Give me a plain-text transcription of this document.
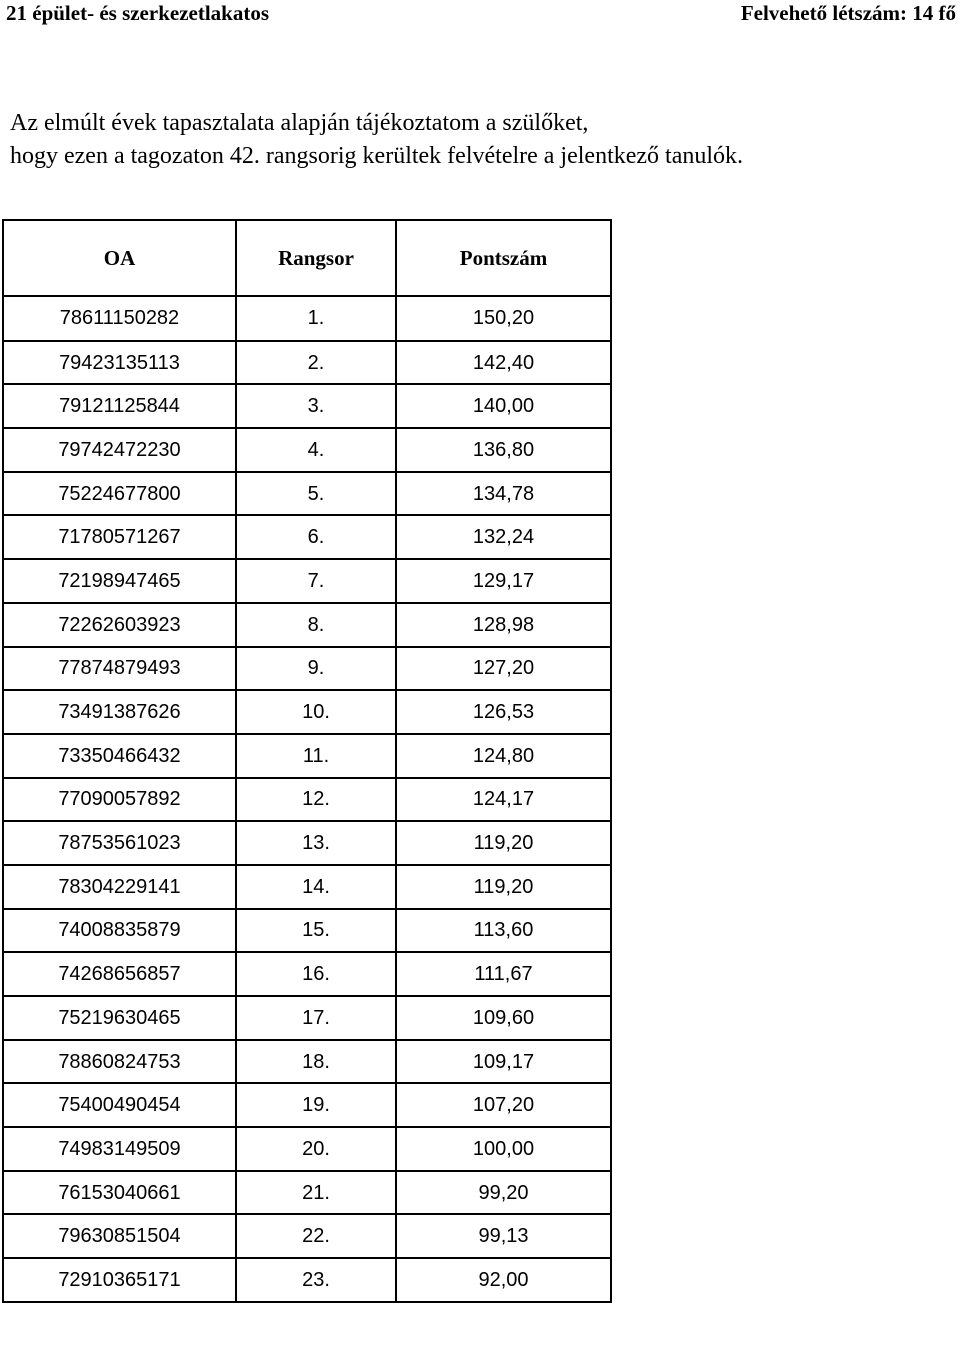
21 épület- és szerkezetlakatos	Felvehető létszám: 14 fő
Az elmúlt évek tapasztalata alapján tájékoztatom a szülőket,
hogy ezen a tagozaton 42. rangsorig kerültek felvételre a jelentkező tanulók.
OA	Rangsor	Pontszám
78611150282	1.	150,20
79423135113	2.	142,40
79121125844	3.	140,00
79742472230	4.	136,80
75224677800	5.	134,78
71780571267	6.	132,24
72198947465	7.	129,17
72262603923	8.	128,98
77874879493	9.	127,20
73491387626	10.	126,53
73350466432	11.	124,80
77090057892	12.	124,17
78753561023	13.	119,20
78304229141	14.	119,20
74008835879	15.	113,60
74268656857	16.	111,67
75219630465	17.	109,60
78860824753	18.	109,17
75400490454	19.	107,20
74983149509	20.	100,00
76153040661	21.	99,20
79630851504	22.	99,13
72910365171	23.	92,00
